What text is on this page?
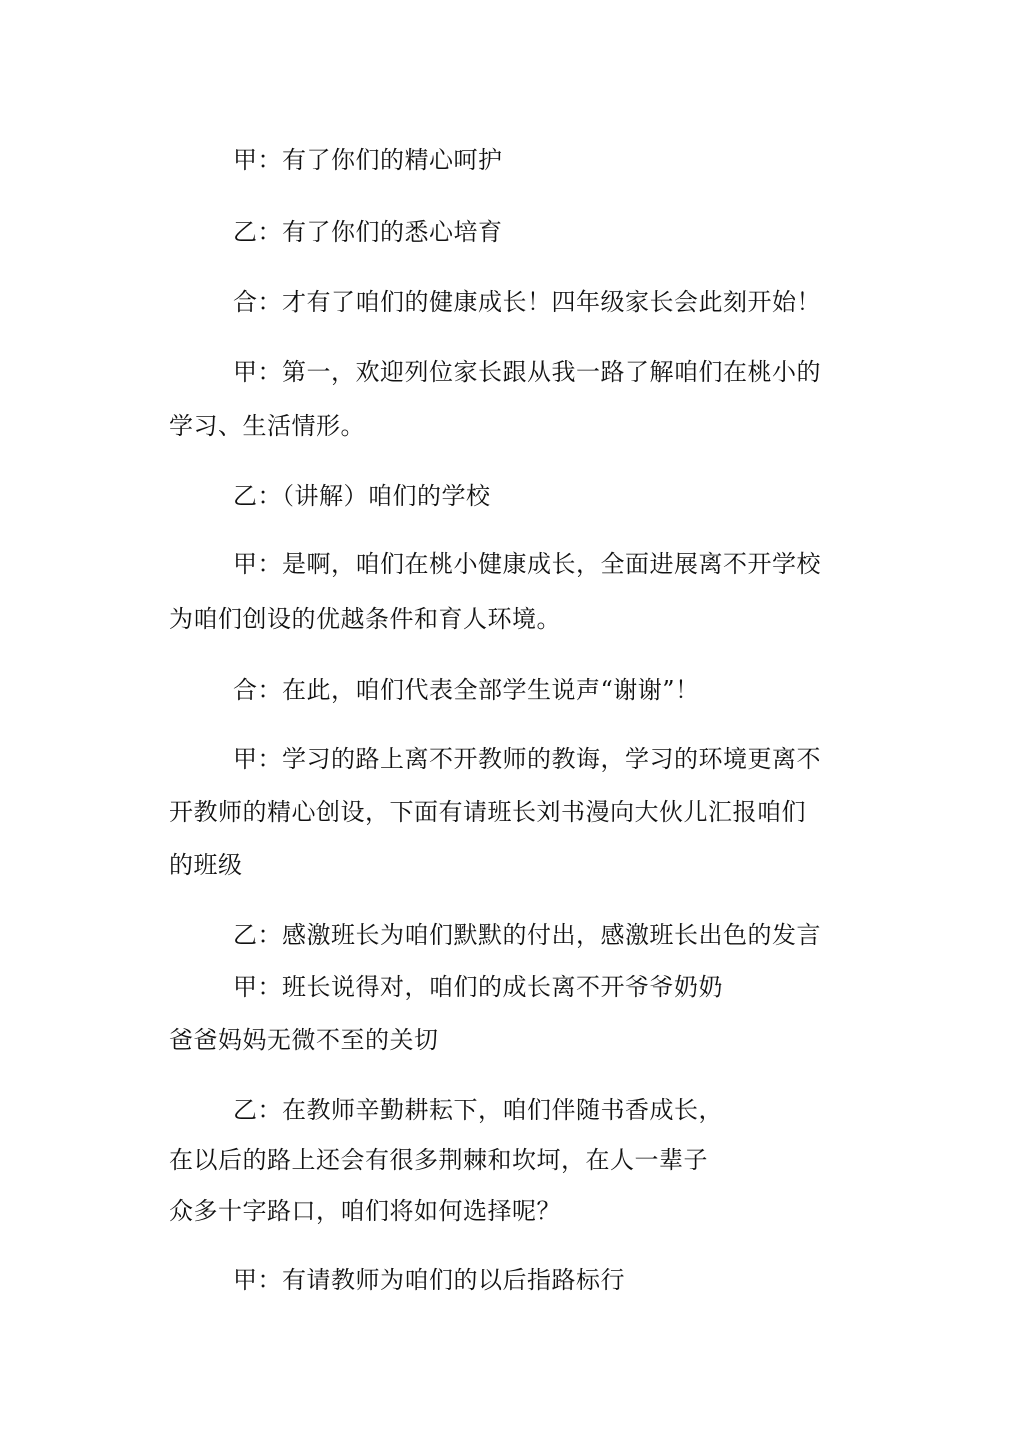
甲：有了你们的精心呵护
乙：有了你们的悉心培育
合：才有了咱们的健康成长！四年级家长会此刻开始！
甲：第一，欢迎列位家长跟从我一路了解咱们在桃小的
学习、生活情形。
乙：（讲解）咱们的学校
甲：是啊，咱们在桃小健康成长，全面进展离不开学校
为咱们创设的优越条件和育人环境。
合：在此，咱们代表全部学生说声“谢谢”！
甲：学习的路上离不开教师的教诲，学习的环境更离不
开教师的精心创设，下面有请班长刘书漫向大伙儿汇报咱们
的班级
乙：感激班长为咱们默默的付出，感激班长出色的发言
甲：班长说得对，咱们的成长离不开爷爷奶奶
爸爸妈妈无微不至的关切
乙：在教师辛勤耕耘下，咱们伴随书香成长，
在以后的路上还会有很多荆棘和坎坷，在人一辈子
众多十字路口，咱们将如何选择呢？
甲：有请教师为咱们的以后指路标行
